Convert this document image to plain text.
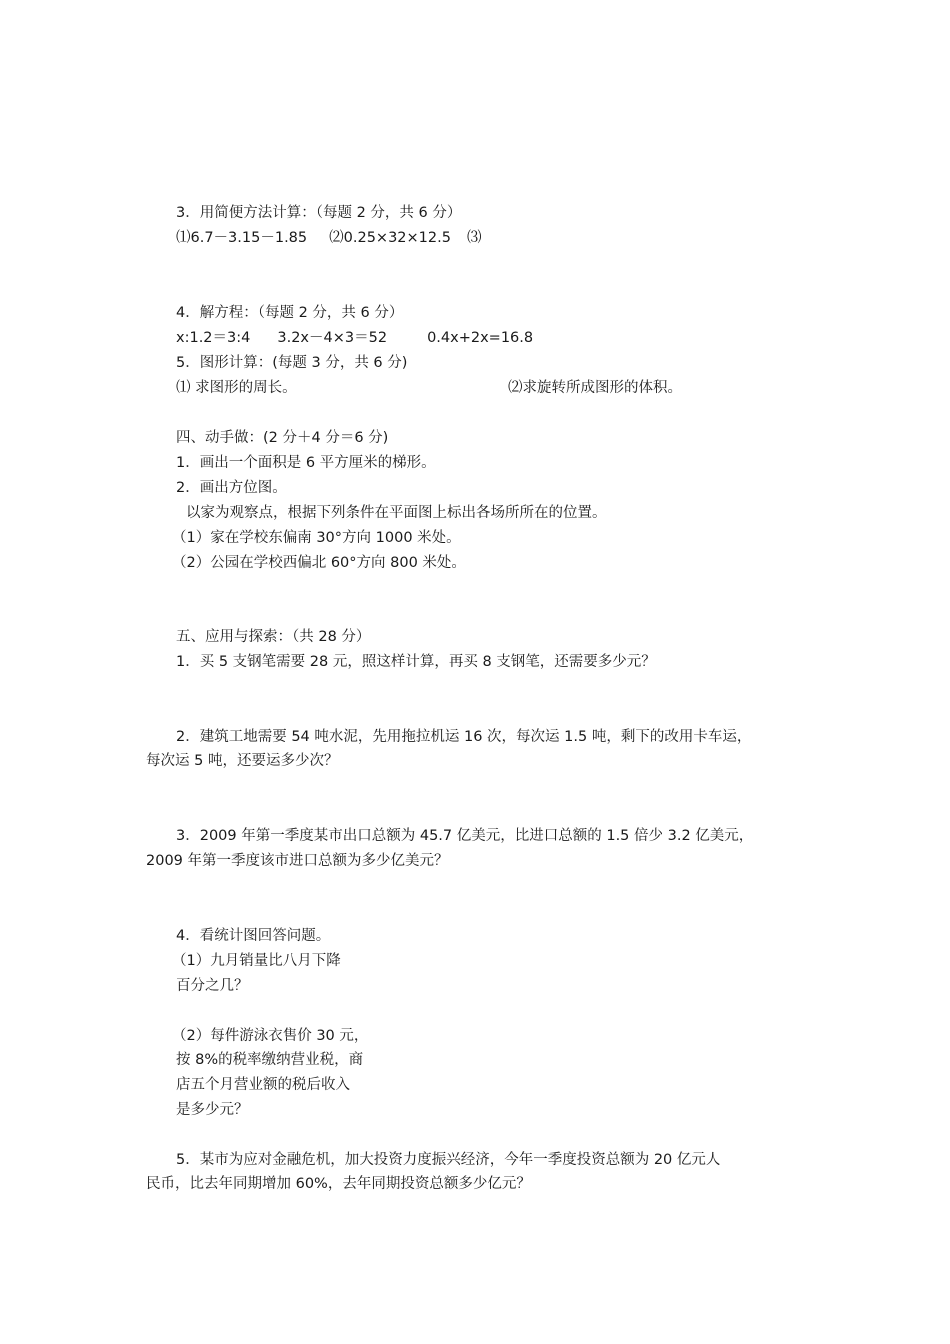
3．用简便方法计算：（每题 2 分，共 6 分）
⑴6.7－3.15－1.85 ⑵0.25×32×12.5 ⑶
4．解方程：（每题 2 分，共 6 分）
x:1.2＝3:4 3.2x－4×3＝52	0.4x+2x=16.8
5．图形计算：(每题 3 分，共 6 分)
⑴ 求图形的周长。	⑵求旋转所成图形的体积。
四、动手做：(2 分＋4 分＝6 分)
1．画出一个面积是 6 平方厘米的梯形。
2．画出方位图。
以家为观察点，根据下列条件在平面图上标出各场所所在的位置。
（1）家在学校东偏南 30°方向 1000 米处。
（2）公园在学校西偏北 60°方向 800 米处。
五、应用与探索：（共 28 分）
1．买 5 支钢笔需要 28 元，照这样计算，再买 8 支钢笔，还需要多少元？
2．建筑工地需要 54 吨水泥，先用拖拉机运 16 次，每次运 1.5 吨，剩下的改用卡车运，
每次运 5 吨，还要运多少次？
3．2009 年第一季度某市出口总额为 45.7 亿美元，比进口总额的 1.5 倍少 3.2 亿美元，
2009 年第一季度该市进口总额为多少亿美元？
4．看统计图回答问题。
（1）九月销量比八月下降
百分之几？
（2）每件游泳衣售价 30 元，
按 8%的税率缴纳营业税，商
店五个月营业额的税后收入
是多少元？
5．某市为应对金融危机，加大投资力度振兴经济，今年一季度投资总额为 20 亿元人
民币，比去年同期增加 60%，去年同期投资总额多少亿元？
